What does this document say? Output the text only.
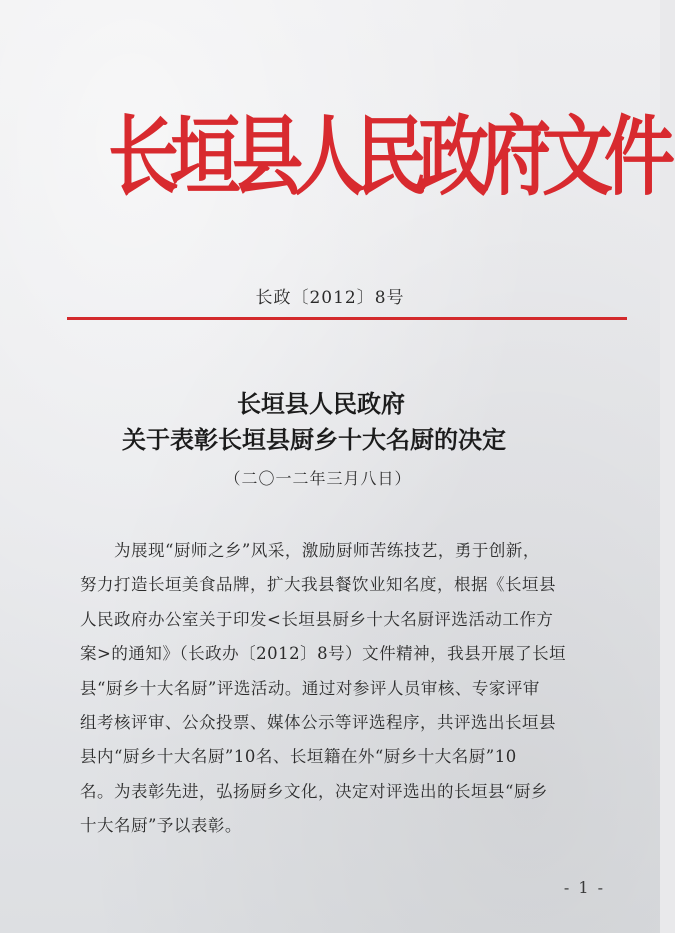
长
垣
县
人
民
政
府
文
件
长政〔2012〕8号
长垣县人民政府
关于表彰长垣县厨乡十大名厨的决定
（二〇一二年三月八日）
为展现“厨师之乡”风采，激励厨师苦练技艺，勇于创新，
努力打造长垣美食品牌，扩大我县餐饮业知名度，根据《长垣县
人民政府办公室关于印发<长垣县厨乡十大名厨评选活动工作方
案>的通知》（长政办〔2012〕8号）文件精神，我县开展了长垣
县“厨乡十大名厨”评选活动。通过对参评人员审核、专家评审
组考核评审、公众投票、媒体公示等评选程序，共评选出长垣县
县内“厨乡十大名厨”10名、长垣籍在外“厨乡十大名厨”10
名。为表彰先进，弘扬厨乡文化，决定对评选出的长垣县“厨乡
十大名厨”予以表彰。
- 1 -
